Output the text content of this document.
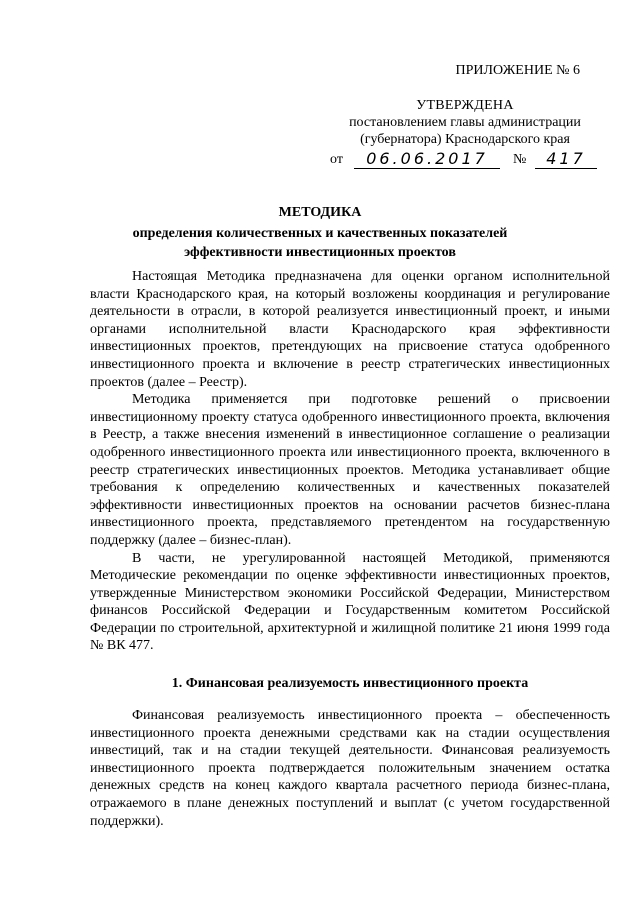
ПРИЛОЖЕНИЕ № 6
УТВЕРЖДЕНА
постановлением главы администрации
(губернатора) Краснодарского края
от	06.06.2017	№	417
МЕТОДИКА
определения количественных и качественных показателей
эффективности инвестиционных проектов

Настоящая Методика предназначена для оценки органом исполнительной власти Краснодарского края, на который возложены координация и регулирование деятельности в отрасли, в которой реализуется инвестиционный проект, и иными органами исполнительной власти Краснодарского края эффективности инвестиционных проектов, претендующих на присвоение статуса одобренного инвестиционного проекта и включение в реестр стратегических инвестиционных проектов (далее – Реестр).

Методика применяется при подготовке решений о присвоении инвестиционному проекту статуса одобренного инвестиционного проекта, включения в Реестр, а также внесения изменений в инвестиционное соглашение о реализации одобренного инвестиционного проекта или инвестиционного проекта, включенного в реестр стратегических инвестиционных проектов. Методика устанавливает общие требования к определению количественных и качественных показателей эффективности инвестиционных проектов на основании расчетов бизнес-плана инвестиционного проекта, представляемого претендентом на государственную поддержку (далее – бизнес-план).

В части, не урегулированной настоящей Методикой, применяются Методические рекомендации по оценке эффективности инвестиционных проектов, утвержденные Министерством экономики Российской Федерации, Министерством финансов Российской Федерации и Государственным комитетом Российской Федерации по строительной, архитектурной и жилищной политике 21 июня 1999 года № ВК 477.

1. Финансовая реализуемость инвестиционного проекта

Финансовая реализуемость инвестиционного проекта – обеспеченность инвестиционного проекта денежными средствами как на стадии осуществления инвестиций, так и на стадии текущей деятельности. Финансовая реализуемость инвестиционного проекта подтверждается положительным значением остатка денежных средств на конец каждого квартала расчетного периода бизнес-плана, отражаемого в плане денежных поступлений и выплат (с учетом государственной поддержки).
